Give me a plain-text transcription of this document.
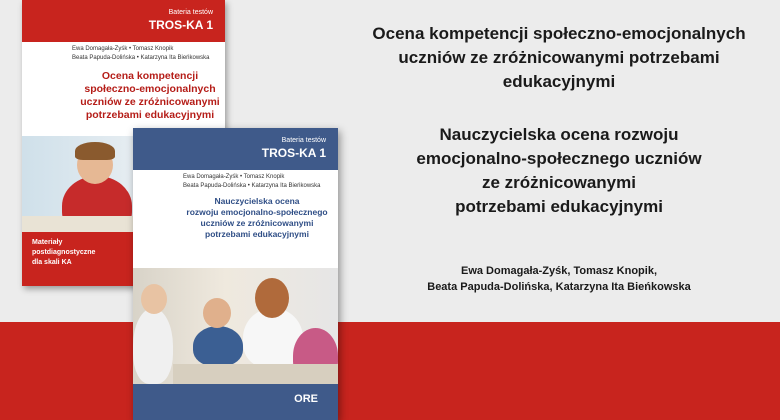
Bateria testów
TROS-KA 1
Ewa Domagała-Zyśk • Tomasz Knopik
Beata Papuda-Dolińska • Katarzyna Ita Bieńkowska
Ocena kompetencji
społeczno-emocjonalnych
uczniów ze zróżnicowanymi
potrzebami edukacyjnymi
Materiały
postdiagnostyczne
dla skali KA
Bateria testów
TROS-KA 1
Ewa Domagała-Zyśk • Tomasz Knopik
Beata Papuda-Dolińska • Katarzyna Ita Bieńkowska
Nauczycielska ocena
rozwoju emocjonalno-społecznego
uczniów ze zróżnicowanymi
potrzebami edukacyjnymi
ORE
Ocena kompetencji społeczno-emocjonalnych
uczniów ze zróżnicowanymi potrzebami
edukacyjnymi
Nauczycielska ocena rozwoju
emocjonalno-społecznego uczniów
ze zróżnicowanymi
potrzebami edukacyjnymi
Ewa Domagała-Zyśk, Tomasz Knopik,
Beata Papuda-Dolińska, Katarzyna Ita Bieńkowska
